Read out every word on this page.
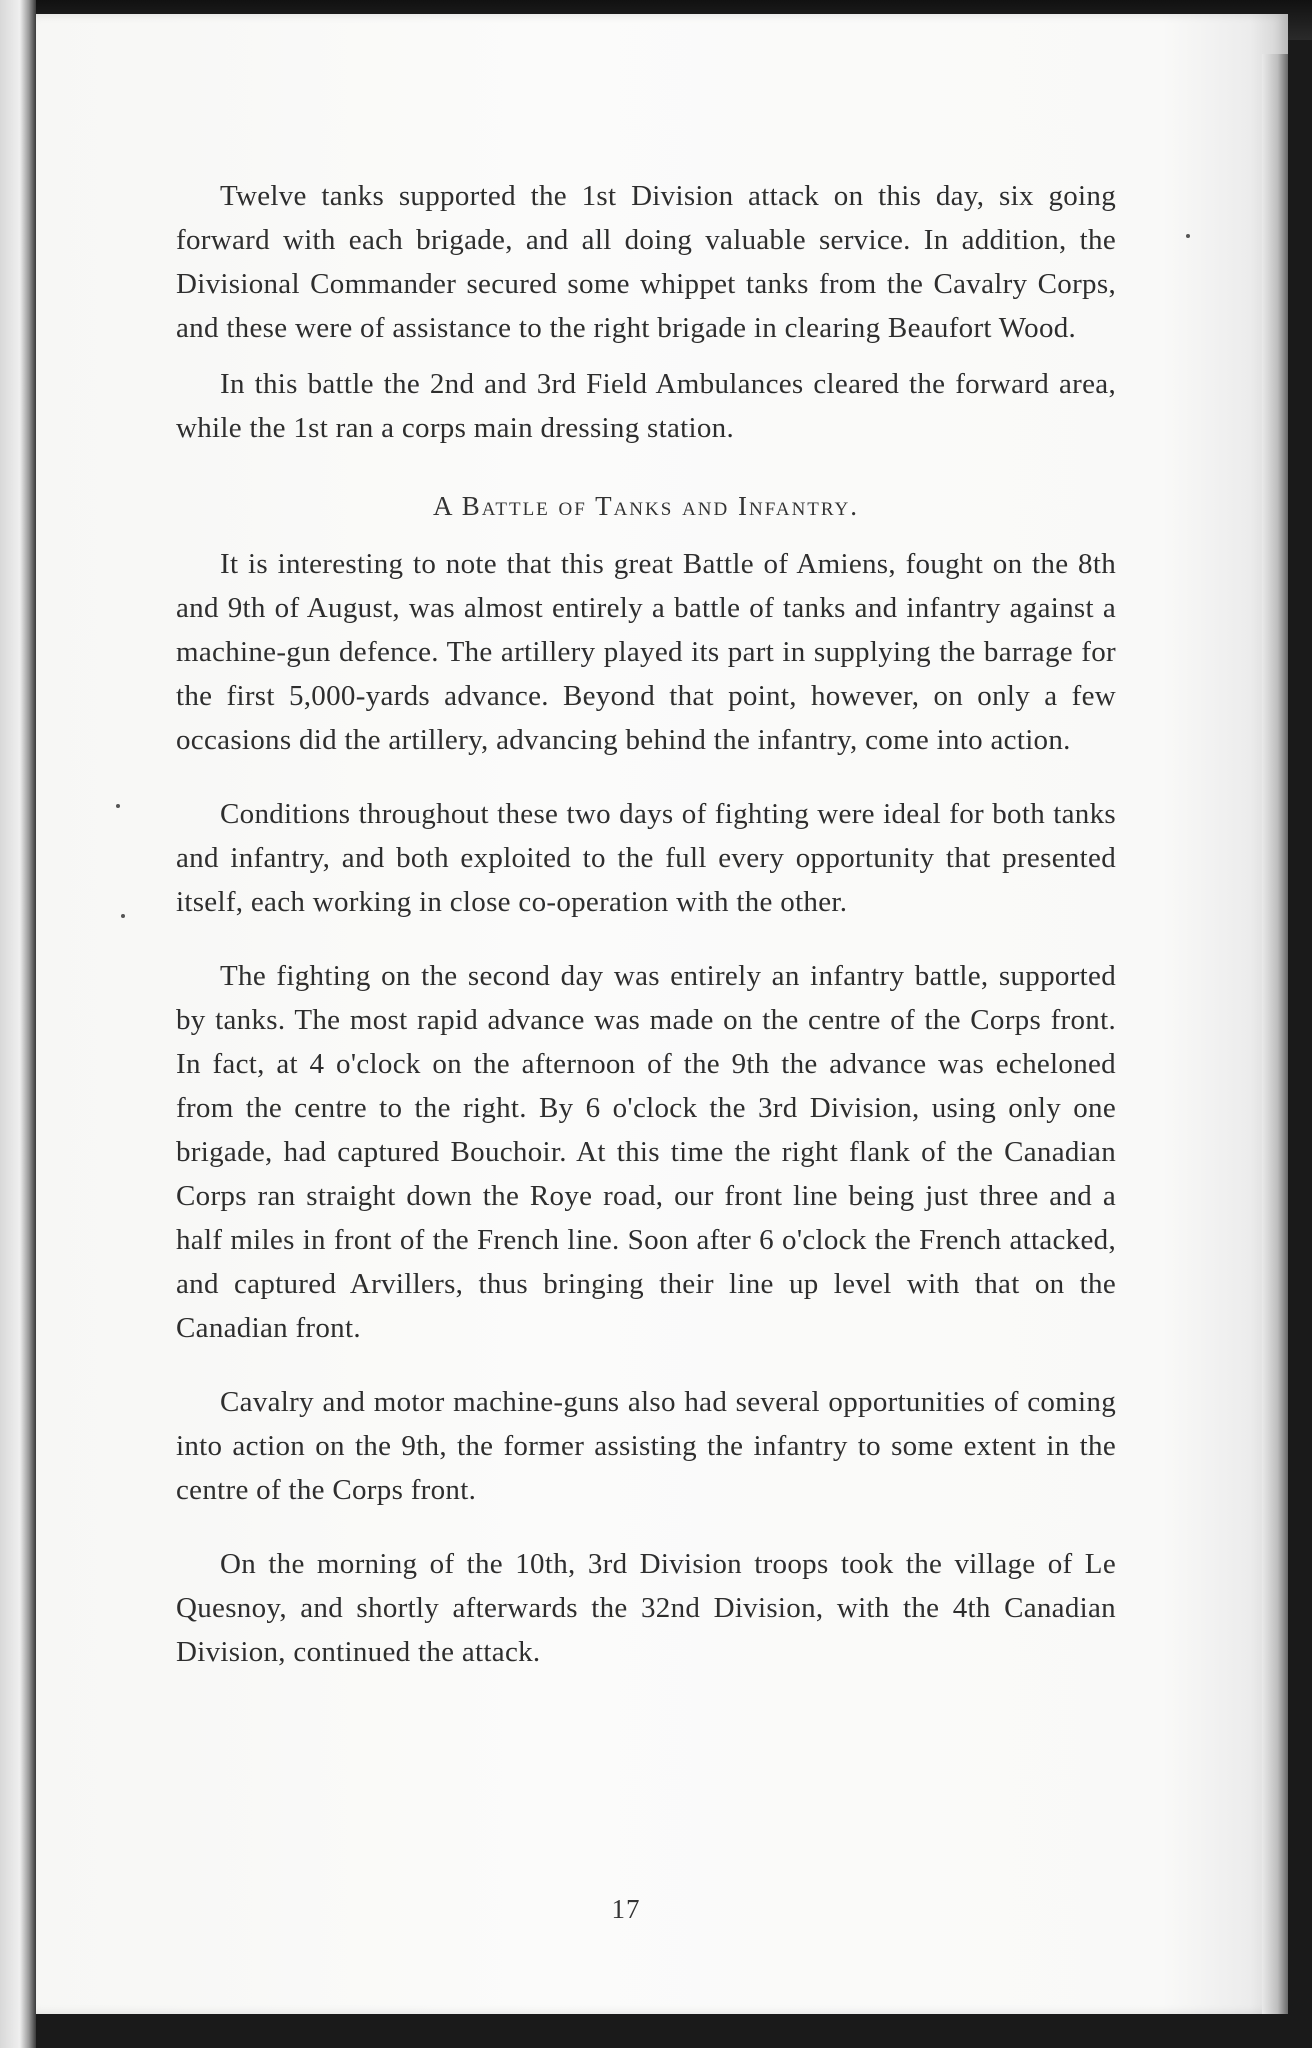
Twelve tanks supported the 1st Division attack on this day, six going forward with each brigade, and all doing valuable service. In addition, the Divisional Commander secured some whippet tanks from the Cavalry Corps, and these were of assistance to the right brigade in clearing Beaufort Wood.

In this battle the 2nd and 3rd Field Ambulances cleared the forward area, while the 1st ran a corps main dressing station.

A Battle of Tanks and Infantry.

It is interesting to note that this great Battle of Amiens, fought on the 8th and 9th of August, was almost entirely a battle of tanks and infantry against a machine-gun defence. The artillery played its part in supplying the barrage for the first 5,000-yards advance. Beyond that point, however, on only a few occasions did the artillery, advancing behind the infantry, come into action.

Conditions throughout these two days of fighting were ideal for both tanks and infantry, and both exploited to the full every opportunity that presented itself, each working in close co-operation with the other.

The fighting on the second day was entirely an infantry battle, supported by tanks. The most rapid advance was made on the centre of the Corps front. In fact, at 4 o'clock on the afternoon of the 9th the advance was echeloned from the centre to the right. By 6 o'clock the 3rd Division, using only one brigade, had captured Bouchoir. At this time the right flank of the Canadian Corps ran straight down the Roye road, our front line being just three and a half miles in front of the French line. Soon after 6 o'clock the French attacked, and captured Arvillers, thus bringing their line up level with that on the Canadian front.

Cavalry and motor machine-guns also had several opportunities of coming into action on the 9th, the former assisting the infantry to some extent in the centre of the Corps front.

On the morning of the 10th, 3rd Division troops took the village of Le Quesnoy, and shortly afterwards the 32nd Division, with the 4th Canadian Division, continued the attack.

17
